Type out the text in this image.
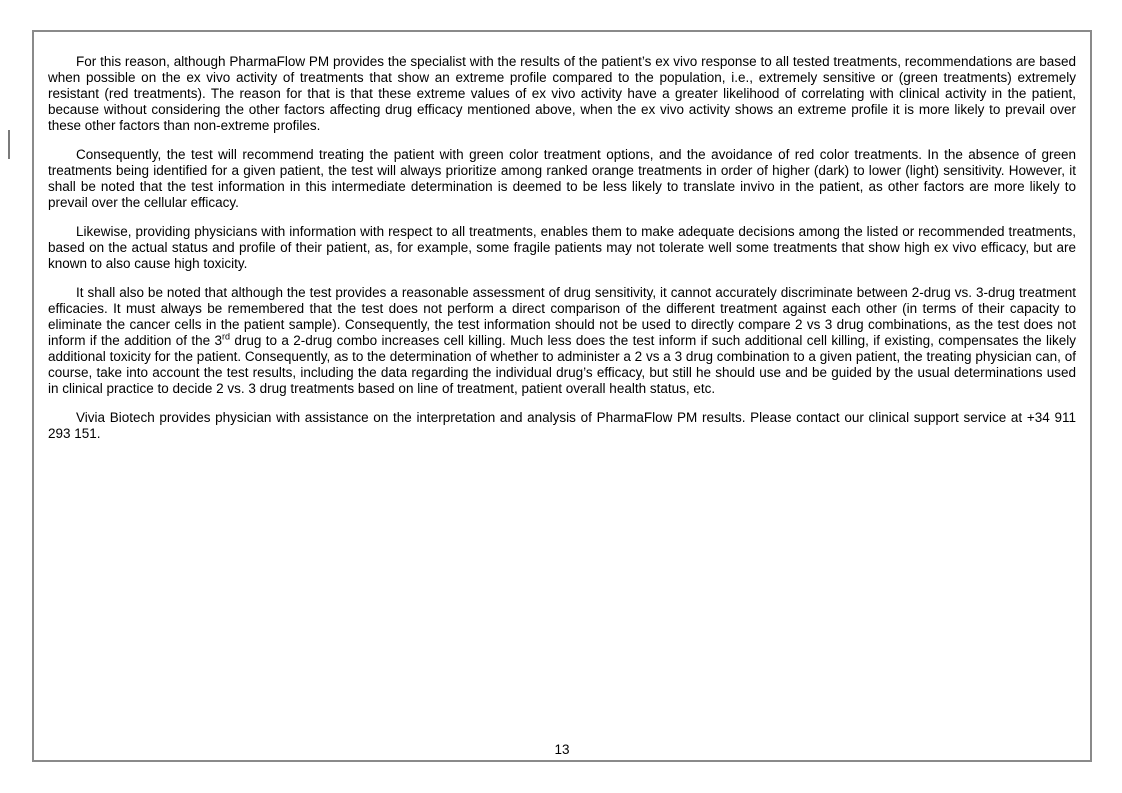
For this reason, although PharmaFlow PM provides the specialist with the results of the patient’s ex vivo response to all tested treatments, recommendations are based when possible on the ex vivo activity of treatments that show an extreme profile compared to the population, i.e., extremely sensitive or (green treatments) extremely resistant (red treatments). The reason for that is that these extreme values of ex vivo activity have a greater likelihood of correlating with clinical activity in the patient, because without considering the other factors affecting drug efficacy mentioned above, when the ex vivo activity shows an extreme profile it is more likely to prevail over these other factors than non-extreme profiles.

Consequently, the test will recommend treating the patient with green color treatment options, and the avoidance of red color treatments. In the absence of green treatments being identified for a given patient, the test will always prioritize among ranked orange treatments in order of higher (dark) to lower (light) sensitivity. However, it shall be noted that the test information in this intermediate determination is deemed to be less likely to translate invivo in the patient, as other factors are more likely to prevail over the cellular efficacy.

Likewise, providing physicians with information with respect to all treatments, enables them to make adequate decisions among the listed or recommended treatments, based on the actual status and profile of their patient, as, for example, some fragile patients may not tolerate well some treatments that show high ex vivo efficacy, but are known to also cause high toxicity.

It shall also be noted that although the test provides a reasonable assessment of drug sensitivity, it cannot accurately discriminate between 2-drug vs. 3-drug treatment efficacies. It must always be remembered that the test does not perform a direct comparison of the different treatment against each other (in terms of their capacity to eliminate the cancer cells in the patient sample). Consequently, the test information should not be used to directly compare 2 vs 3 drug combinations, as the test does not inform if the addition of the 3rd drug to a 2-drug combo increases cell killing. Much less does the test inform if such additional cell killing, if existing, compensates the likely additional toxicity for the patient. Consequently, as to the determination of whether to administer a 2 vs a 3 drug combination to a given patient, the treating physician can, of course, take into account the test results, including the data regarding the individual drug’s efficacy, but still he should use and be guided by the usual determinations used in clinical practice to decide 2 vs. 3 drug treatments based on line of treatment, patient overall health status, etc.

Vivia Biotech provides physician with assistance on the interpretation and analysis of PharmaFlow PM results. Please contact our clinical support service at +34 911 293 151.

13
